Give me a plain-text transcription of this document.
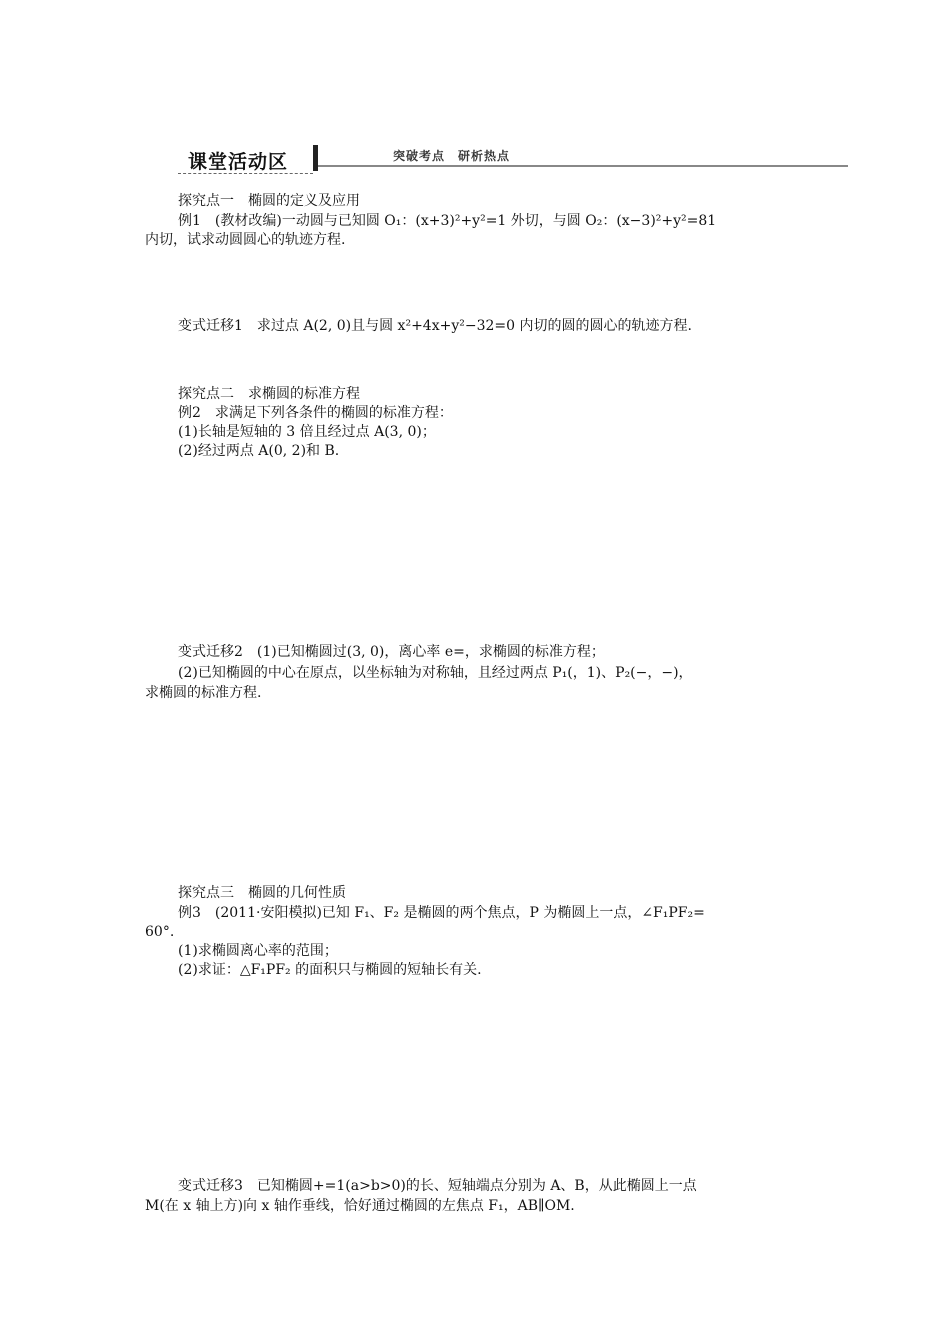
课堂活动区	突破考点　研析热点
探究点一　椭圆的定义及应用
例1　(教材改编)一动圆与已知圆 O₁：(x+3)²+y²=1 外切，与圆 O₂：(x−3)²+y²=81
内切，试求动圆圆心的轨迹方程.
变式迁移1　求过点 A(2, 0)且与圆 x²+4x+y²−32=0 内切的圆的圆心的轨迹方程.
探究点二　求椭圆的标准方程
例2　求满足下列各条件的椭圆的标准方程：
(1)长轴是短轴的 3 倍且经过点 A(3, 0)；
(2)经过两点 A(0, 2)和 B.
变式迁移2　(1)已知椭圆过(3, 0)，离心率 e=，求椭圆的标准方程；
(2)已知椭圆的中心在原点，以坐标轴为对称轴，且经过两点 P₁(，1)、P₂(−，−)，
求椭圆的标准方程.
探究点三　椭圆的几何性质
例3　(2011·安阳模拟)已知 F₁、F₂ 是椭圆的两个焦点，P 为椭圆上一点，∠F₁PF₂=
60°.
(1)求椭圆离心率的范围；
(2)求证：△F₁PF₂ 的面积只与椭圆的短轴长有关.
变式迁移3　已知椭圆+=1(a>b>0)的长、短轴端点分别为 A、B，从此椭圆上一点
M(在 x 轴上方)向 x 轴作垂线，恰好通过椭圆的左焦点 F₁，AB∥OM.
